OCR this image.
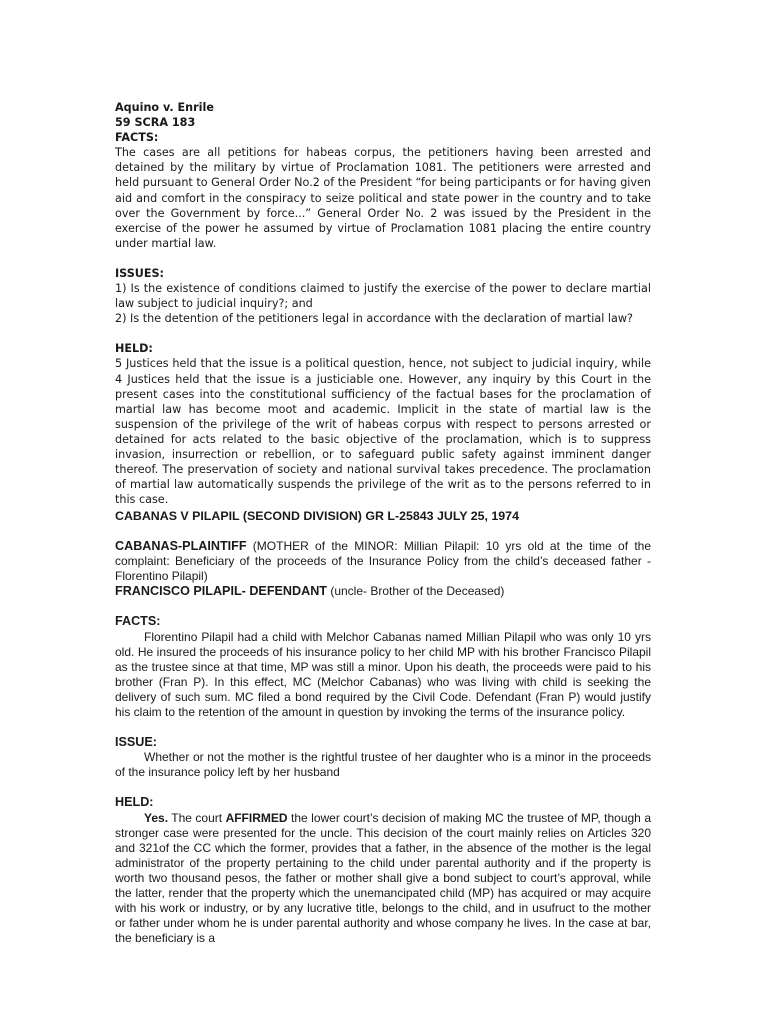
Aquino v. Enrile

59 SCRA 183

FACTS:

The cases are all petitions for habeas corpus, the petitioners having been arrested and detained by the military by virtue of Proclamation 1081. The petitioners were arrested and held pursuant to General Order No.2 of the President “for being participants or for having given aid and comfort in the conspiracy to seize political and state power in the country and to take over the Government by force...” General Order No. 2 was issued by the President in the exercise of the power he assumed by virtue of Proclamation 1081 placing the entire country under martial law.

ISSUES:

1) Is the existence of conditions claimed to justify the exercise of the power to declare martial law subject to judicial inquiry?; and

2) Is the detention of the petitioners legal in accordance with the declaration of martial law?

HELD:

5 Justices held that the issue is a political question, hence, not subject to judicial inquiry, while 4 Justices held that the issue is a justiciable one. However, any inquiry by this Court in the present cases into the constitutional sufficiency of the factual bases for the proclamation of martial law has become moot and academic. Implicit in the state of martial law is the suspension of the privilege of the writ of habeas corpus with respect to persons arrested or detained for acts related to the basic objective of the proclamation, which is to suppress invasion, insurrection or rebellion, or to safeguard public safety against imminent danger thereof. The preservation of society and national survival takes precedence. The proclamation of martial law automatically suspends the privilege of the writ as to the persons referred to in this case.

CABANAS V PILAPIL (SECOND DIVISION) GR L-25843 JULY 25, 1974

CABANAS-PLAINTIFF (MOTHER of the MINOR: Millian Pilapil: 10 yrs old at the time of the complaint: Beneficiary of the proceeds of the Insurance Policy from the child’s deceased father -Florentino Pilapil)

FRANCISCO PILAPIL- DEFENDANT (uncle- Brother of the Deceased)

FACTS:

Florentino Pilapil had a child with Melchor Cabanas named Millian Pilapil who was only 10 yrs old. He insured the proceeds of his insurance policy to her child MP with his brother Francisco Pilapil as the trustee since at that time, MP was still a minor. Upon his death, the proceeds were paid to his brother (Fran P). In this effect, MC (Melchor Cabanas) who was living with child is seeking the delivery of such sum. MC filed a bond required by the Civil Code. Defendant (Fran P) would justify his claim to the retention of the amount in question by invoking the terms of the insurance policy.

ISSUE:

Whether or not the mother is the rightful trustee of her daughter who is a minor in the proceeds of the insurance policy left by her husband

HELD:

Yes. The court AFFIRMED the lower court’s decision of making MC the trustee of MP, though a stronger case were presented for the uncle. This decision of the court mainly relies on Articles 320 and 321of the CC which the former, provides that a father, in the absence of the mother is the legal administrator of the property pertaining to the child under parental authority and if the property is worth two thousand pesos, the father or mother shall give a bond subject to court’s approval, while the latter, render that the property which the unemancipated child (MP) has acquired or may acquire with his work or industry, or by any lucrative title, belongs to the child, and in usufruct to the mother or father under whom he is under parental authority and whose company he lives. In the case at bar, the beneficiary is a
